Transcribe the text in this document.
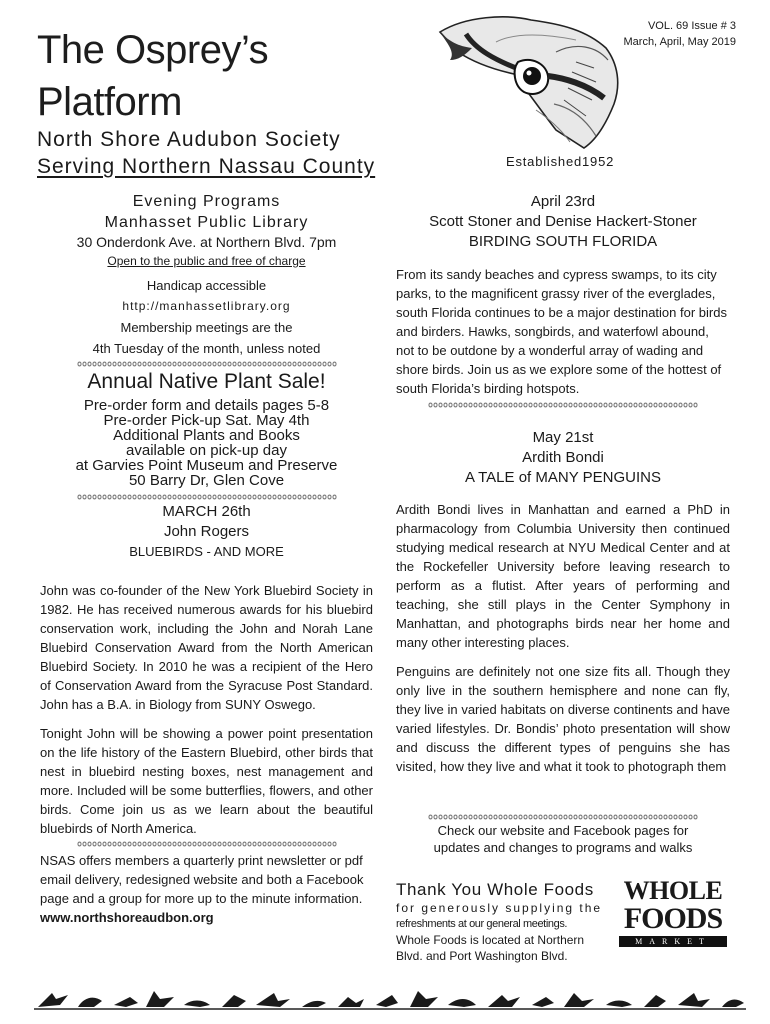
The Osprey’s
Platform
North Shore Audubon Society
Serving Northern Nassau County
VOL. 69 Issue # 3
March, April, May 2019
Established1952
Evening Programs
Manhasset Public Library
30 Onderdonk Ave. at Northern Blvd. 7pm
Open to the public and free of charge
Handicap accessible
http://manhassetlibrary.org
Membership meetings are the
4th Tuesday of the month, unless noted
Annual Native Plant Sale!
Pre-order form and details pages 5-8
Pre-order Pick-up Sat. May 4th
Additional Plants and Books
available on pick-up day
at Garvies Point Museum and Preserve
50 Barry Dr, Glen Cove
MARCH 26th
John Rogers
BLUEBIRDS - AND MORE

John was co-founder of the New York Bluebird Society in 1982. He has received numerous awards for his bluebird conservation work, including the John and Norah Lane Bluebird Conservation Award from the North American Bluebird Society. In 2010 he was a recipient of the Hero of Conservation Award from the Syracuse Post Standard. John has a B.A. in Biology from SUNY Oswego.

Tonight John will be showing a power point presentation on the life history of the Eastern Bluebird, other birds that nest in bluebird nesting boxes, nest management and more. Included will be some butterflies, flowers, and other birds. Come join us as we learn about the beautiful bluebirds of North America.

NSAS offers members a quarterly print newsletter or pdf email delivery, redesigned website and both a Facebook page and a group for more up to the minute information.

www.northshoreaudbon.org

April 23rd
Scott Stoner and Denise Hackert-Stoner
BIRDING SOUTH FLORIDA

From its sandy beaches and cypress swamps, to its city parks, to the magnificent grassy river of the everglades, south Florida continues to be a major destination for birds and birders. Hawks, songbirds, and waterfowl abound, not to be outdone by a wonderful array of wading and shore birds. Join us as we explore some of the hottest of south Florida’s birding hotspots.

May 21st
Ardith Bondi
A TALE of MANY PENGUINS

Ardith Bondi lives in Manhattan and earned a PhD in pharmacology from Columbia University then continued studying medical research at NYU Medical Center and at the Rockefeller University before leaving research to perform as a flutist. After years of performing and teaching, she still plays in the Center Symphony in Manhattan, and photographs birds near her home and many other interesting places.

Penguins are definitely not one size fits all. Though they only live in the southern hemisphere and none can fly, they live in varied habitats on diverse continents and have varied lifestyles. Dr. Bondis’ photo presentation will show and discuss the different types of penguins she has visited, how they live and what it took to photograph them

Check our website and Facebook pages for
updates and changes to programs and walks
Thank You Whole Foods
for generously supplying the
refreshments at our general meetings.
Whole Foods is located at Northern
Blvd. and Port Washington Blvd.
WHOLE
FOODS
MARKET
